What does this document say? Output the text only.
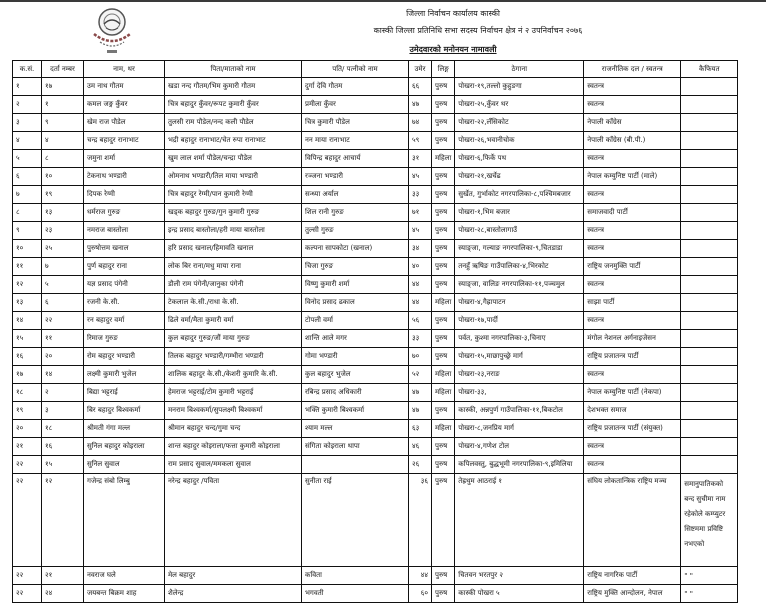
जिल्ला निर्वाचन कार्यालय कास्की
कास्की जिल्ला प्रतिनिधि सभा सदस्य निर्वाचन क्षेत्र नं २ उपनिर्वाचन २०७६
उमेदवारको मनोनयन नामावली
क.सं.	दर्ता नम्बर	नाम, थर	पिता/माताको नाम	पति/ पत्नीको नाम	उमेर	लिङ्ग	ठेगाना	राजनीतिक दल / स्वतन्त्र	कैफियत
१	१७	उम नाथ गौतम	खडा नन्द गौतम/भिम कुमारी गौतम	दुर्गा देवि गौतम	६६	पुरुष	पोखरा-१९,तल्लो कुहुङगा	स्वतन्त्र	
२	१	कमल जङ्ग कुँवर	चित्र बहादुर कुँवर/रूपट कुमारी कुँवर	प्रमीला कुँवर	४७	पुरुष	पोखरा-२५,कुँवर थर	स्वतन्त्र	
३	९	खेम राज पौडेल	तुलसी राम पौडेल/नन्द कली पौडेल	चित्र कुमारी पौडेल	७४	पुरुष	पोखरा-२२,लँसिकोट	नेपाली काँग्रेस	
४	४	चन्द्र बहादुर रानाभाट	भद्री बहादुर रानाभाट/चेत रुपा रानाभाट	नन माया रानाभाट	५९	पुरुष	पोखरा-२६,भवानीचोक	नेपाली काँग्रेस (बी.पी.)	
५	८	जमुना शर्मा	खुम लाल शर्मा पौडेल/चन्द्रा पौडेल	विपिन्द्र बहादुर आचार्य	३१	महिला	पोखरा-६,फिर्के पथ	स्वतन्त्र	
६	१०	टेकनाथ भण्डारी	ओमनाथ भण्डारी/तिल माया भण्डारी	रञ्जना भण्डारी	४५	पुरुष	पोखरा-२१,खर्चेढ	नेपाल कम्युनिष्ट पार्टी (माले)	
७	१९	दिपक रेग्मी	चित्र बहादुर रेग्मी/पान कुमारी रेग्मी	सन्ध्या अर्याल	३३	पुरुष	सुर्खेत, गुर्भाकोट नगरपालिका-८,पश्चिमबजार	स्वतन्त्र	
८	१३	धर्मराज गुरुङ	खड्क बहादुर गुरुङ/गुन कुमारी गुरुङ	शिल रानी गुरुङ	७१	पुरुष	पोखरा-१,भिम बजार	समाजवादी पार्टी	
९	२३	नमराज बास्तोला	इन्द्र प्रसाद बास्तोला/हरी माया बास्तोला	तुल्सी गुरुङ	४५	पुरुष	पोखरा-२८,बास्तोलागाउँ	स्वतन्त्र	
१०	२५	पुरुषोत्तम खनाल	हरि प्रसाद खनाल/हिमावति खनाल	कल्पना सापकोटा (खनाल)	३४	पुरुष	स्याङ्जा, गल्याङ नगरपालिका-९,चितडाडा	स्वतन्त्र	
११	७	पुर्ण बहादुर राना	लोक बिर राना/मधु माया राना	चिजा गुरुङ	४०	पुरुष	तनहुँ ऋषिङ गाउँपालिका-४,भिरकोट	राष्ट्रिय जनमुक्ति पार्टी	
१२	५	यज्ञ प्रसाद पंगेनी	डौली राम पंगेनी/जानुका पंगेनी	विष्णु कुमारी शर्मा	४४	पुरुष	स्याङ्जा, वालिङ नगरपालिका-११,पञ्चमुल	स्वतन्त्र	
१३	६	रजनी के.सी.	टेकलाल के.सी./राधा के.सी.	विनोद प्रसाद ढकाल	४४	महिला	पोखरा-४,गैह्रापाटन	साझा पार्टी	
१४	२२	रन बहादुर वर्मा	ढिले वर्मा/मैता कुमारी वर्मा	टोपली वर्मा	५६	पुरुष	पोखरा-१७,पार्दी	स्वतन्त्र	
१५	११	रिमाज गुरुङ	कुल बहादुर गुरुङ/जौं माया गुरुङ	शान्ति आले मगर	३३	पुरुष	पर्वत, कुश्मा नगरपालिका-३,चिनाए	मंगोल नेशनल अर्गनाइजेसन	
१६	२०	रोम बहादुर भण्डारी	तिलक बहादुर भण्डारी/गम्भीरा भण्डारी	गोमा भण्डारी	७०	पुरुष	पोखरा-१५,माछापुच्छ्रे मार्ग	राष्ट्रिय प्रजातन्त्र पार्टी	
१७	१४	लक्ष्मी कुमारी भुजेल	शालिक बहादुर के.सी./केशरी कुमारि के.सी.	कुल बहादुर भुजेल	५२	महिला	पोखरा-२३,नराङ	स्वतन्त्र	
१८	२	बिद्या भट्टराई	हेमराज भट्टराई/टोम कुमारी भट्टराई	रबिन्द्र प्रसाद अधिकारी	४७	महिला	पोखरा-३३,	नेपाल कम्युनिष्ट पार्टी (नेकपा)	
१९	३	बिर बहादुर बिश्वकर्मा	मनराम बिश्वकर्मा/सुपलक्ष्मी बिश्वकर्मा	भक्ति कुमारी बिश्वकर्मा	४७	पुरुष	कास्की, अन्नपुर्ण गाउँपालिका-११,बिकटोल	देशभक्त समाज	
२०	१८	श्रीमती गंगा मल्ल	श्रीमान बहादुर चन्द/गुमा चन्द	श्याम मल्ल	६३	महिला	पोखरा-८,जनप्रिय मार्ग	राष्ट्रिय प्रजातन्त्र पार्टी (संयुक्त)	
२१	१६	सुनिल बहादुर कोइराला	शान्त बहादुर कोइराला/फत्ता कुमारी कोइराला	संगिता कोइराला थापा	४६	पुरुष	पोखरा-४,गणेश टोल	स्वतन्त्र	
२२	१५	सुनिल सुवाल	राम प्रसाद सुवाल/ममकला सुवाल		२६	पुरुष	कपिलवस्तु, बुद्धभूमी नगरपालिका-९,इमिलिया	स्वतन्त्र	
२२	१२	गजेन्द्र संबो लिम्बु	नरेन्द्र बहादुर /पविता	सुनीता राई	३६	पुरुष	तेह्रथुम आठराई १	संघिय लोकतान्त्रिक राष्ट्रिय मञ्च	समानुपातिकको बन्द सुचीमा नाम रहेकोले कम्प्युटर सिष्टममा प्रविष्टि नभएको
२२	२१	नवराज घले	मेल बहादुर	कविता	४४	पुरुष	चितवन भरतपुर २	राष्ट्रिय नागरिक पार्टी	" "
२२	२४	जयबन्त बिक्रम शाह	शैलेन्द्र	भगवती	६०	पुरुष	कास्की पोखरा ५	राष्ट्रिय मुक्ति आन्दोलन, नेपाल	" "
